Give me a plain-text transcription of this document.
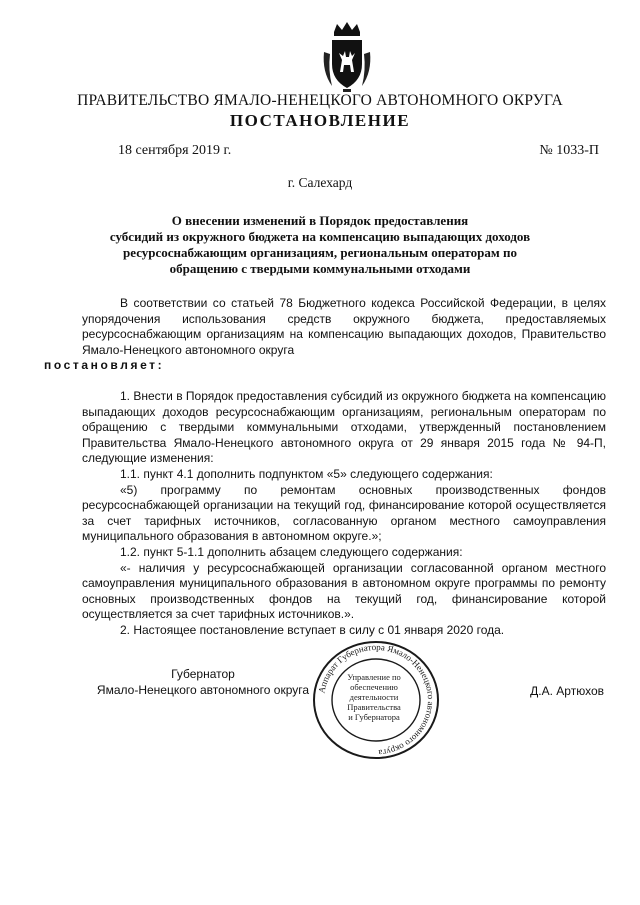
ПРАВИТЕЛЬСТВО ЯМАЛО-НЕНЕЦКОГО АВТОНОМНОГО ОКРУГА
ПОСТАНОВЛЕНИЕ
18 сентября 2019 г.	№ 1033-П
г. Салехард
О внесении изменений в Порядок предоставления
субсидий из окружного бюджета на компенсацию выпадающих доходов
ресурсоснабжающим организациям, региональным операторам по
обращению с твердыми коммунальными отходами

В соответствии со статьей 78 Бюджетного кодекса Российской Федерации, в целях упорядочения использования средств окружного бюджета, предоставляемых ресурсоснабжающим организациям на компенсацию выпадающих доходов, Правительство Ямало-Ненецкого автономного округа
постановляет:

1. Внести в Порядок предоставления субсидий из окружного бюджета на компенсацию выпадающих доходов ресурсоснабжающим организациям, региональным операторам по обращению с твердыми коммунальными отходами, утвержденный постановлением Правительства Ямало-Ненецкого автономного округа от 29 января 2015 года № 94-П, следующие изменения:

1.1. пункт 4.1 дополнить подпунктом «5» следующего содержания:

«5) программу по ремонтам основных производственных фондов ресурсоснабжающей организации на текущий год, финансирование которой осуществляется за счет тарифных источников, согласованную органом местного самоуправления муниципального образования в автономном округе.»;

1.2. пункт 5-1.1 дополнить абзацем следующего содержания:

«- наличия у ресурсоснабжающей организации согласованной органом местного самоуправления муниципального образования в автономном округе программы по ремонту основных производственных фондов на текущий год, финансирование которой осуществляется за счет тарифных источников.».

2. Настоящее постановление вступает в силу с 01 января 2020 года.

Аппарат Губернатора Ямало-Ненецкого автономного округа
Управление по
обеспечению
деятельности
Правительства
и Губернатора
Губернатор
Ямало-Ненецкого автономного округа	Д.А. Артюхов
